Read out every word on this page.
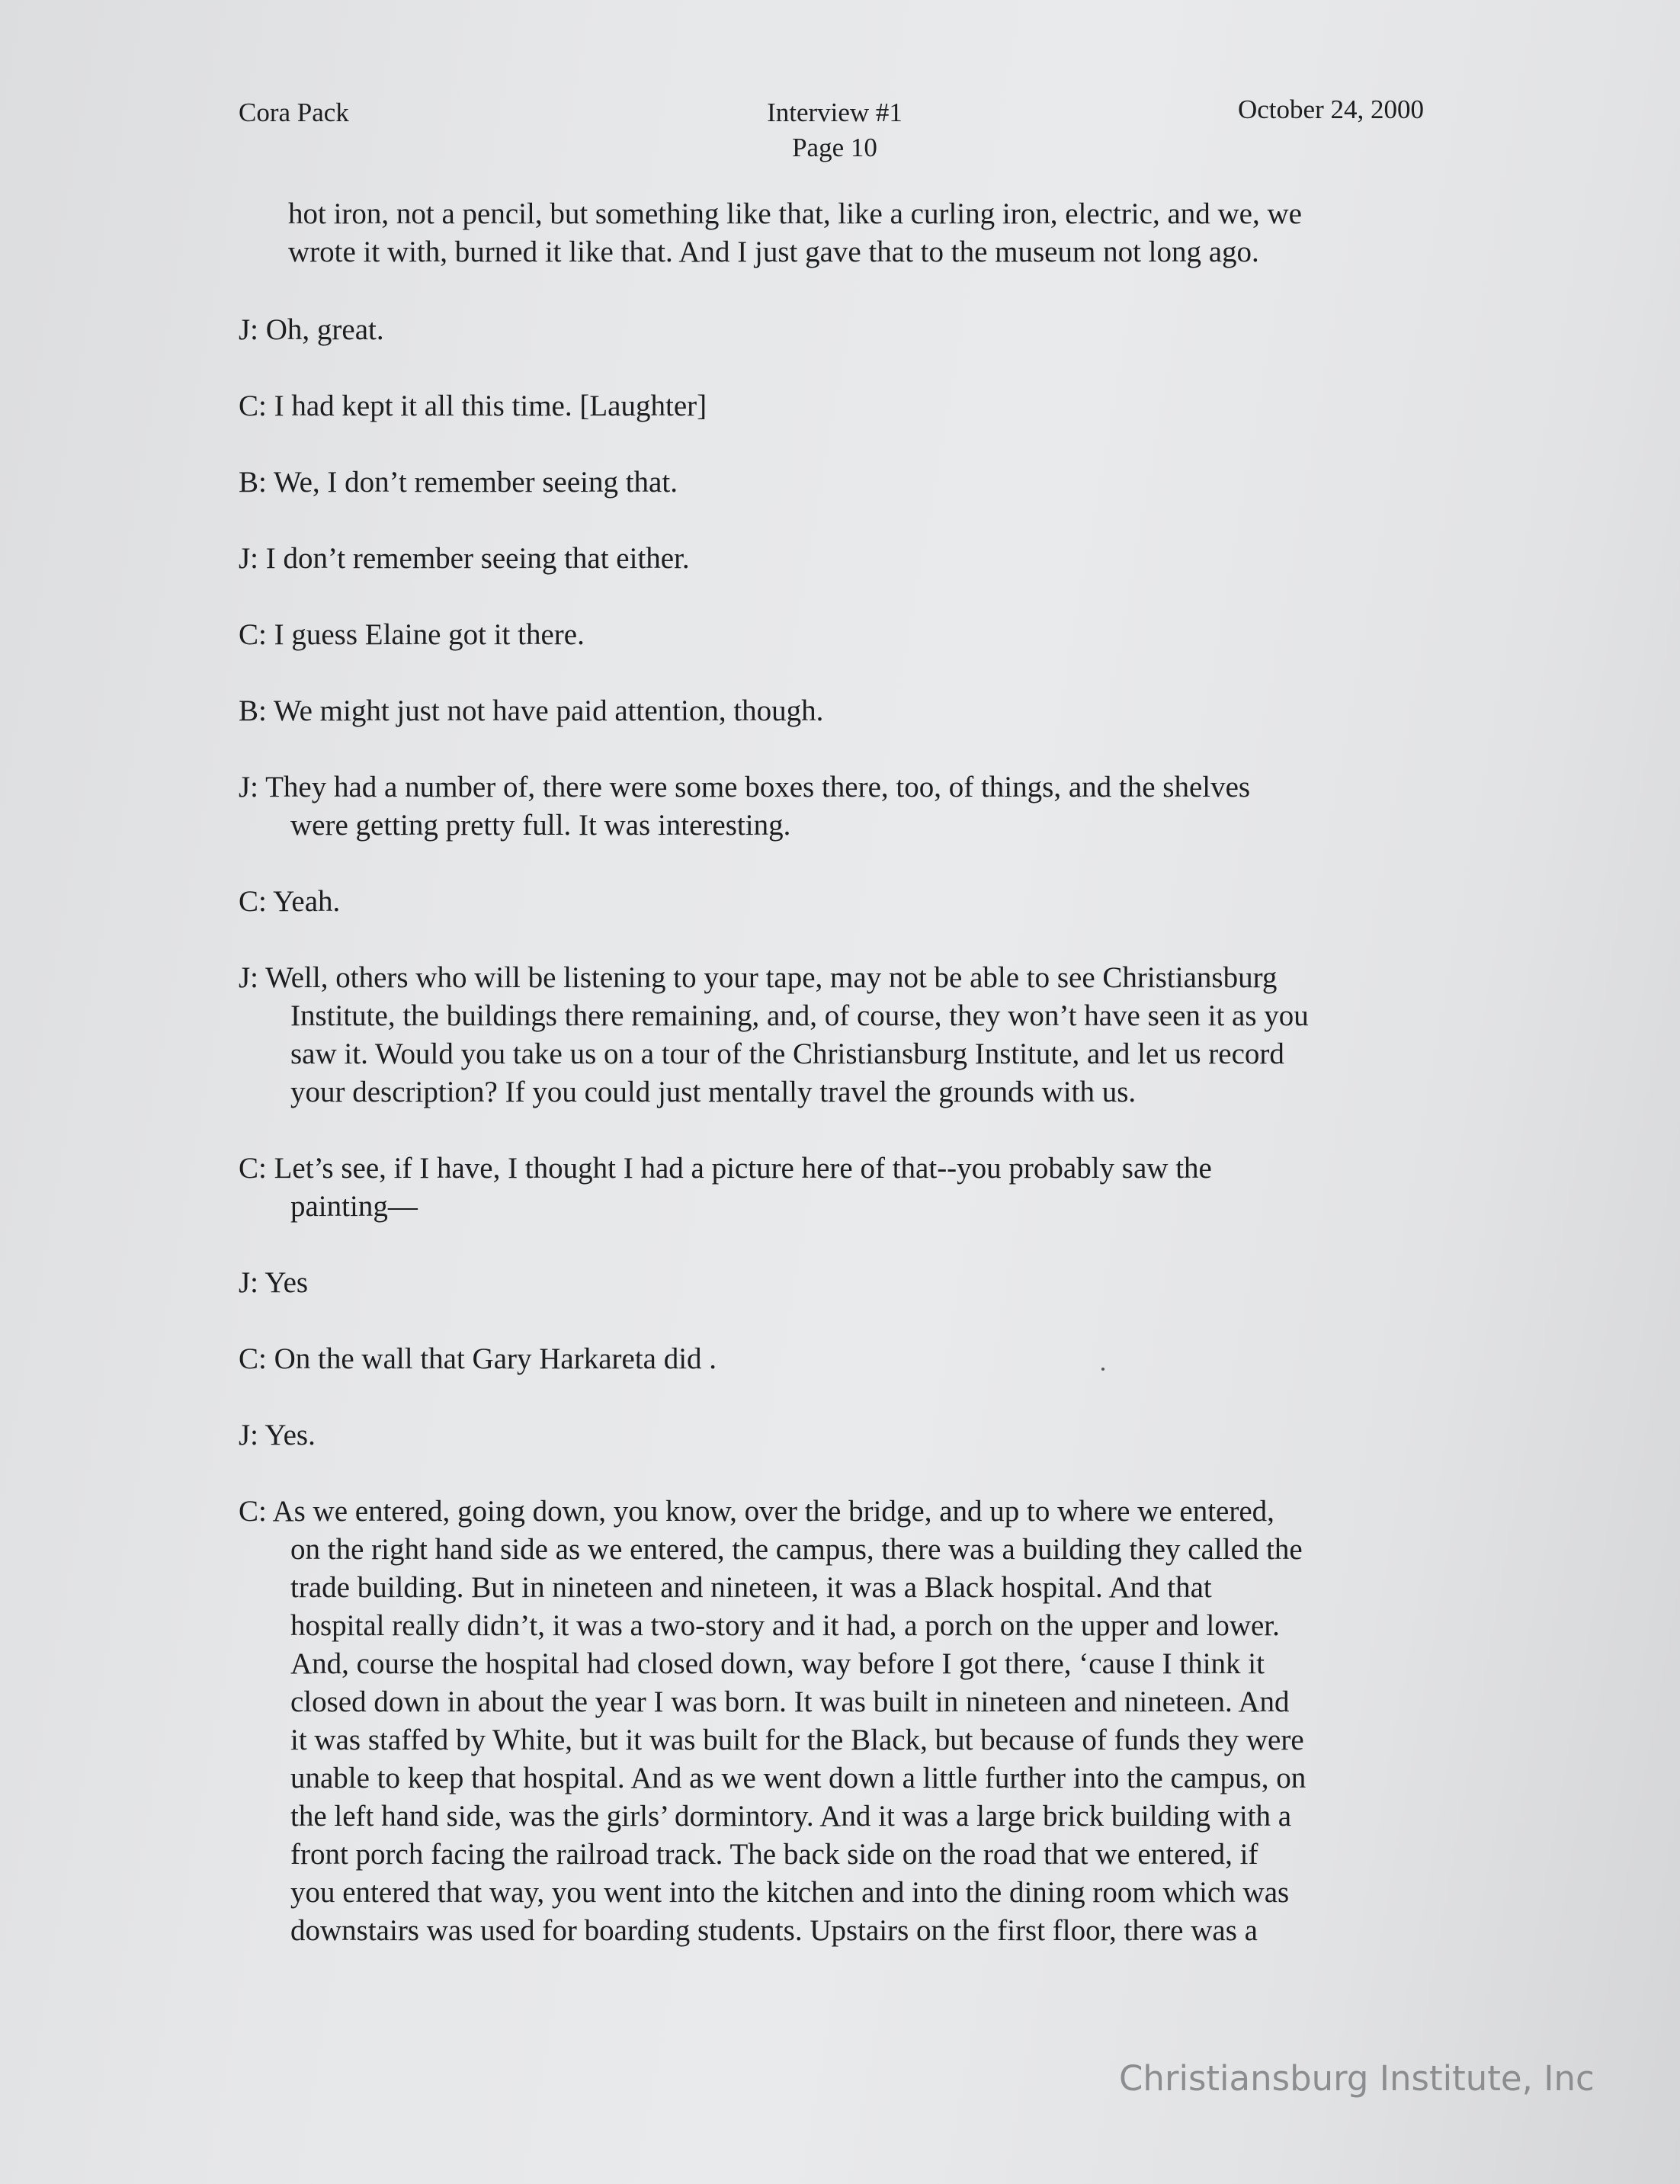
Cora Pack	Interview #1
Page 10
October 24, 2000
hot iron, not a pencil, but something like that, like a curling iron, electric, and we, we
wrote it with, burned it like that. And I just gave that to the museum not long ago.
J: Oh, great.
C: I had kept it all this time. [Laughter]
B: We, I don’t remember seeing that.
J: I don’t remember seeing that either.
C: I guess Elaine got it there.
B: We might just not have paid attention, though.
J: They had a number of, there were some boxes there, too, of things, and the shelves
were getting pretty full. It was interesting.
C: Yeah.
J: Well, others who will be listening to your tape, may not be able to see Christiansburg
Institute, the buildings there remaining, and, of course, they won’t have seen it as you
saw it. Would you take us on a tour of the Christiansburg Institute, and let us record
your description? If you could just mentally travel the grounds with us.
C: Let’s see, if I have, I thought I had a picture here of that--you probably saw the
painting—
J: Yes
C: On the wall that Gary Harkareta did .
J: Yes.
C: As we entered, going down, you know, over the bridge, and up to where we entered,
on the right hand side as we entered, the campus, there was a building they called the
trade building. But in nineteen and nineteen, it was a Black hospital. And that
hospital really didn’t, it was a two-story and it had, a porch on the upper and lower.
And, course the hospital had closed down, way before I got there, ‘cause I think it
closed down in about the year I was born. It was built in nineteen and nineteen. And
it was staffed by White, but it was built for the Black, but because of funds they were
unable to keep that hospital. And as we went down a little further into the campus, on
the left hand side, was the girls’ dormintory. And it was a large brick building with a
front porch facing the railroad track. The back side on the road that we entered, if
you entered that way, you went into the kitchen and into the dining room which was
downstairs was used for boarding students. Upstairs on the first floor, there was a
Christiansburg Institute, Inc
